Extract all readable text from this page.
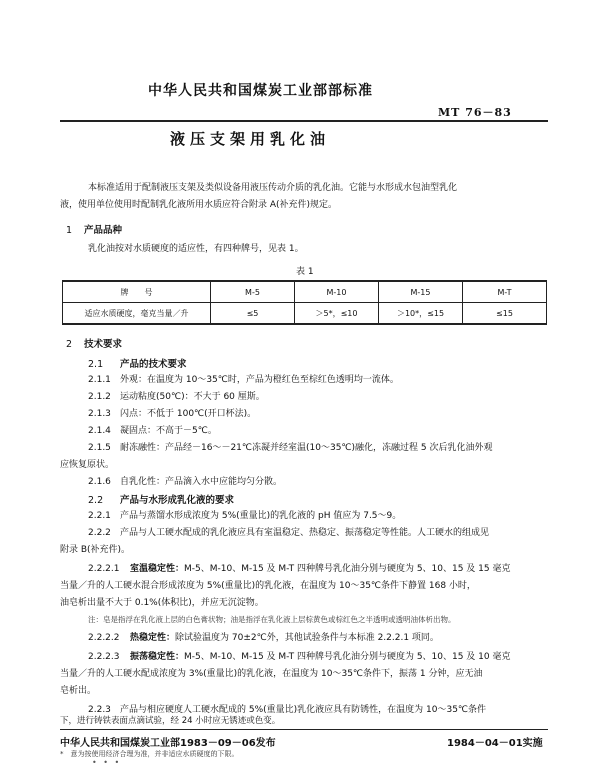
中华人民共和国煤炭工业部部标准
MT 76－83
液压支架用乳化油
本标准适用于配制液压支架及类似设备用液压传动介质的乳化油。它能与水形成水包油型乳化
液，使用单位使用时配制乳化液所用水质应符合附录 A(补充件)规定。
1 产品品种
乳化油按对水质硬度的适应性，有四种牌号，见表 1。
表 1
牌　　号	M-5	M-10	M-15	M-T
适应水质硬度，毫克当量／升	≤5	＞5*，≤10	＞10*，≤15	≤15
2 技术要求
2.1 产品的技术要求
2.1.1 外观：在温度为 10～35℃时，产品为橙红色至棕红色透明均一流体。
2.1.2 运动粘度(50℃)：不大于 60 厘斯。
2.1.3 闪点：不低于 100℃(开口杯法)。
2.1.4 凝固点：不高于－5℃。
2.1.5 耐冻融性：产品经－16～－21℃冻凝并经室温(10～35℃)融化，冻融过程 5 次后乳化油外观
应恢复原状。
2.1.6 自乳化性：产品滴入水中应能均匀分散。
2.2 产品与水形成乳化液的要求
2.2.1 产品与蒸馏水形成浓度为 5%(重量比)的乳化液的 pH 值应为 7.5～9。
2.2.2 产品与人工硬水配成的乳化液应具有室温稳定、热稳定、振荡稳定等性能。人工硬水的组成见
附录 B(补充件)。
2.2.2.1 室温稳定性：M-5、M-10、M-15 及 M-T 四种牌号乳化油分别与硬度为 5、10、15 及 15 毫克
当量／升的人工硬水混合形成浓度为 5%(重量比)的乳化液，在温度为 10～35℃条件下静置 168 小时，
油皂析出量不大于 0.1%(体积比)，并应无沉淀物。
注：皂是指浮在乳化液上层的白色膏状物；油是指浮在乳化液上层棕黄色或棕红色之半透明或透明油体析出物。
2.2.2.2 热稳定性：除试验温度为 70±2℃外，其他试验条件与本标准 2.2.2.1 项同。
2.2.2.3 振荡稳定性：M-5、M-10、M-15 及 M-T 四种牌号乳化油分别与硬度为 5、10、15 及 10 毫克
当量／升的人工硬水配成浓度为 3%(重量比)的乳化液，在温度为 10～35℃条件下，振荡 1 分钟，应无油
皂析出。
2.2.3 产品与相应硬度人工硬水配成的 5%(重量比)乳化液应具有防锈性，在温度为 10～35℃条件
中华人民共和国煤炭工业部1983－09－06发布	1984－04－01实施
• • •
下，进行铸铁表面点滴试验，经 24 小时应无锈迹或色变。
*　意为按使用经济合理为准，并非适应水质硬度的下限。
